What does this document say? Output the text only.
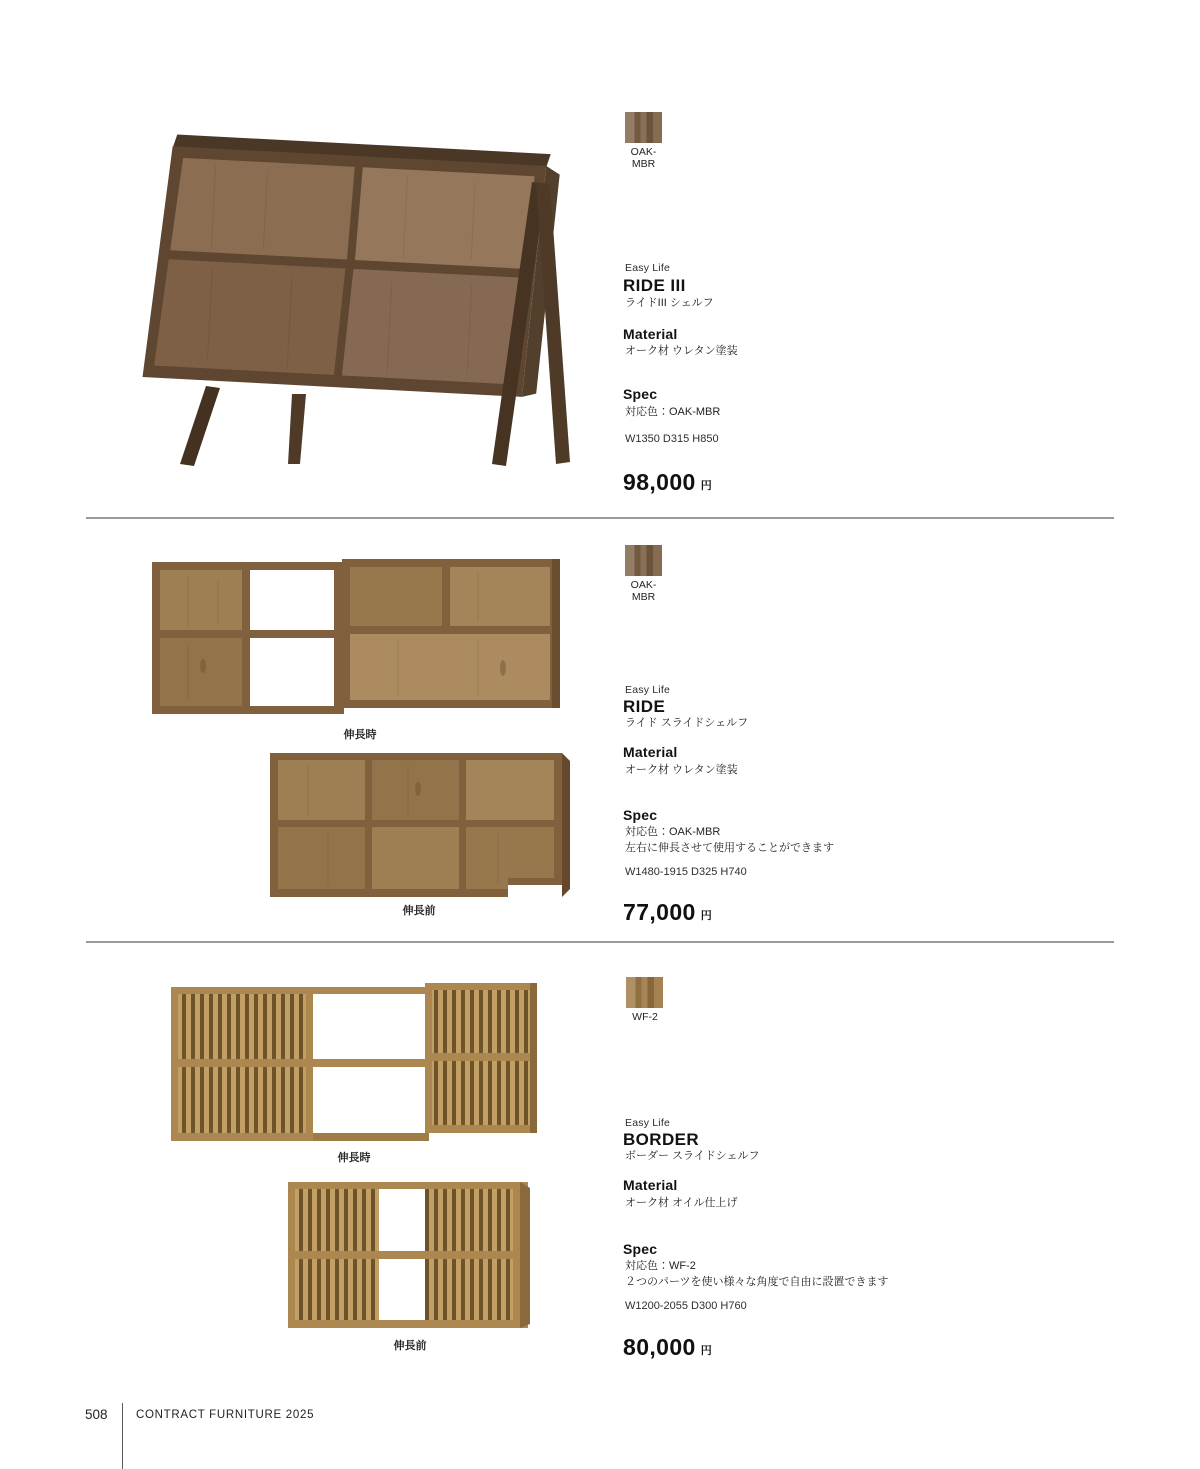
OAK-
MBR
Easy Life
RIDE III
ライドIII シェルフ
Material
オーク材 ウレタン塗装
Spec
対応色：OAK-MBR
W1350 D315 H850
98,000 円
伸長時
伸長前
OAK-
MBR
Easy Life
RIDE
ライド スライドシェルフ
Material
オーク材 ウレタン塗装
Spec
対応色：OAK-MBR
左右に伸長させて使用することができます
W1480-1915 D325 H740
77,000 円
伸長時
伸長前
WF-2
Easy Life
BORDER
ボーダー スライドシェルフ
Material
オーク材 オイル仕上げ
Spec
対応色：WF-2
２つのパーツを使い様々な角度で自由に設置できます
W1200-2055 D300 H760
80,000 円
508 CONTRACT FURNITURE 2025
